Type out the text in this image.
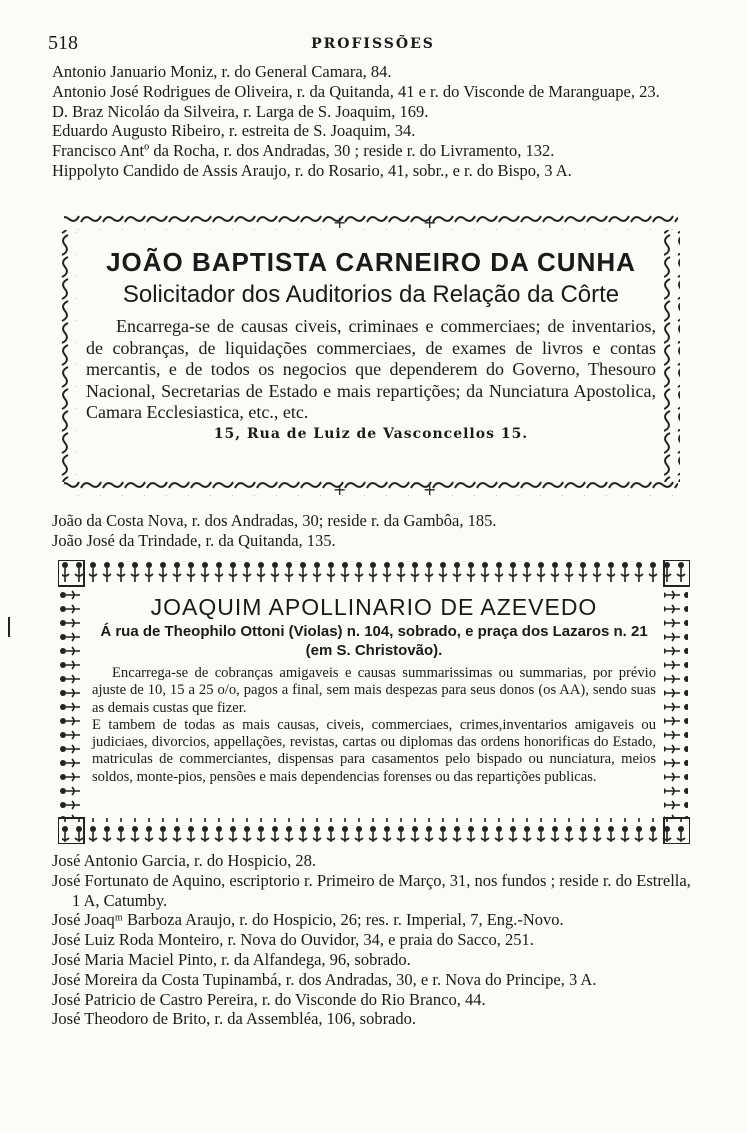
518	PROFISSÕES

Antonio Januario Moniz, r. do General Camara, 84.

Antonio José Rodrigues de Oliveira, r. da Quitanda, 41 e r. do Visconde de Maranguape, 23.

D. Braz Nicoláo da Silveira, r. Larga de S. Joaquim, 169.

Eduardo Augusto Ribeiro, r. estreita de S. Joaquim, 34.

Francisco Antº da Rocha, r. dos Andradas, 30 ; reside r. do Livramento, 132.

Hippolyto Candido de Assis Araujo, r. do Rosario, 41, sobr., e r. do Bispo, 3 A.

+	+
+	+
JOÃO BAPTISTA CARNEIRO DA CUNHA
Solicitador dos Auditorios da Relação da Côrte
Encarrega-se de causas civeis, criminaes e commerciaes; de inventarios, de cobranças, de liquidações commerciaes, de exames de livros e contas mercantis, e de todos os negocios que dependerem do Governo, Thesouro Nacional, Secretarias de Estado e mais repartições; da Nunciatura Apostolica, Camara Ecclesiastica, etc., etc.
15, Rua de Luiz de Vasconcellos 15.

João da Costa Nova, r. dos Andradas, 30; reside r. da Gambôa, 185.

João José da Trindade, r. da Quitanda, 135.

JOAQUIM APOLLINARIO DE AZEVEDO
Á rua de Theophilo Ottoni (Violas) n. 104, sobrado, e praça dos Lazaros n. 21 (em S. Christovão).
Encarrega-se de cobranças amigaveis e causas summarissimas ou summarias, por prévio ajuste de 10, 15 a 25 o/o, pagos a final, sem mais despezas para seus donos (os AA), sendo suas as demais custas que fizer.
E tambem de todas as mais causas, civeis, commerciaes, crimes,inventarios amigaveis ou judiciaes, divorcios, appellações, revistas, cartas ou diplomas das ordens honorificas do Estado, matriculas de commerciantes, dispensas para casamentos pelo bispado ou nunciatura, meios soldos, monte-pios, pensões e mais dependencias forenses ou das repartições publicas.

José Antonio Garcia, r. do Hospicio, 28.

José Fortunato de Aquino, escriptorio r. Primeiro de Março, 31, nos fundos ; reside r. do Estrella, 1 A, Catumby.

José Joaqᵐ Barboza Araujo, r. do Hospicio, 26; res. r. Imperial, 7, Eng.-Novo.

José Luiz Roda Monteiro, r. Nova do Ouvidor, 34, e praia do Sacco, 251.

José Maria Maciel Pinto, r. da Alfandega, 96, sobrado.

José Moreira da Costa Tupinambá, r. dos Andradas, 30, e r. Nova do Principe, 3 A.

José Patricio de Castro Pereira, r. do Visconde do Rio Branco, 44.

José Theodoro de Brito, r. da Assembléa, 106, sobrado.
